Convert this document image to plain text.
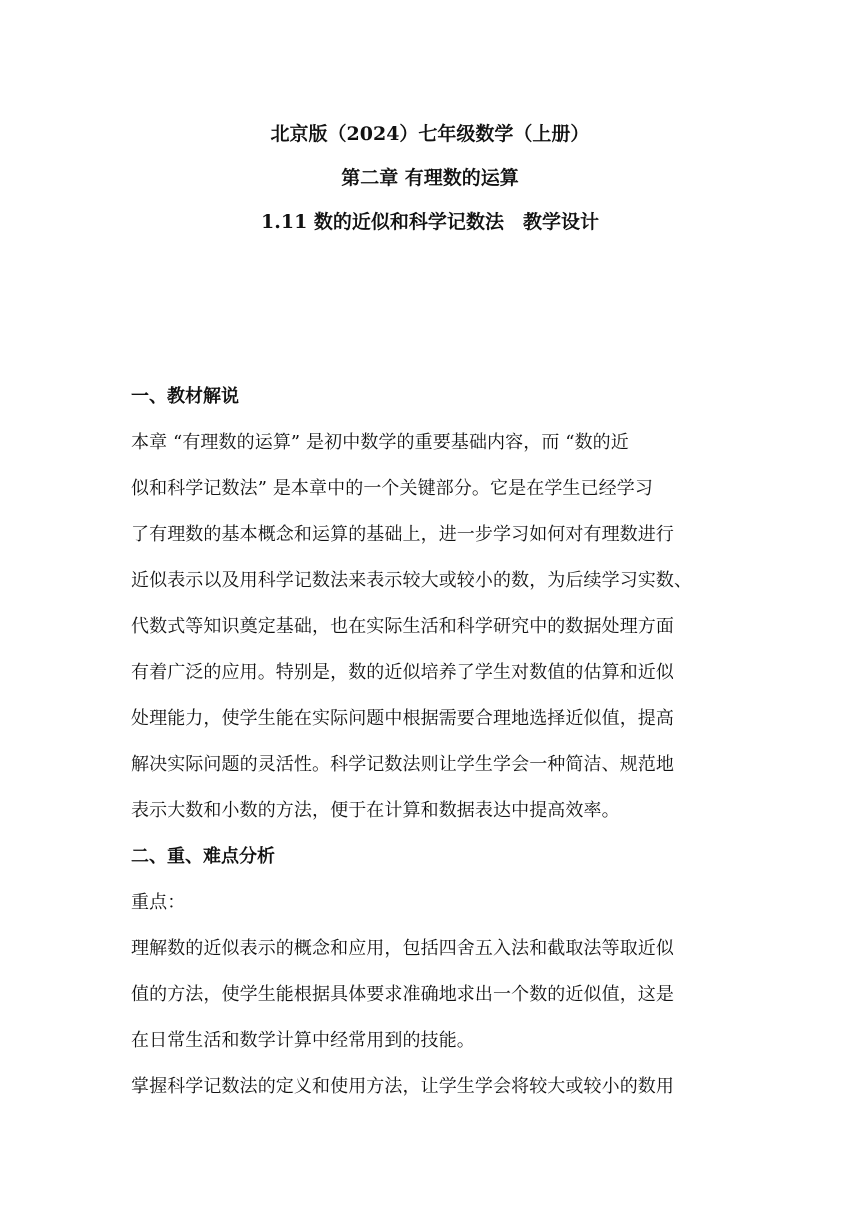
北京版（2024）七年级数学（上册）
第二章 有理数的运算
1.11 数的近似和科学记数法　教学设计
一、教材解说
本章 “有理数的运算” 是初中数学的重要基础内容，而 “数的近
似和科学记数法” 是本章中的一个关键部分。它是在学生已经学习
了有理数的基本概念和运算的基础上，进一步学习如何对有理数进行
近似表示以及用科学记数法来表示较大或较小的数，为后续学习实数、
代数式等知识奠定基础，也在实际生活和科学研究中的数据处理方面
有着广泛的应用。特别是，数的近似培养了学生对数值的估算和近似
处理能力，使学生能在实际问题中根据需要合理地选择近似值，提高
解决实际问题的灵活性。科学记数法则让学生学会一种简洁、规范地
表示大数和小数的方法，便于在计算和数据表达中提高效率。
二、重、难点分析
重点：
理解数的近似表示的概念和应用，包括四舍五入法和截取法等取近似
值的方法，使学生能根据具体要求准确地求出一个数的近似值，这是
在日常生活和数学计算中经常用到的技能。
掌握科学记数法的定义和使用方法，让学生学会将较大或较小的数用
